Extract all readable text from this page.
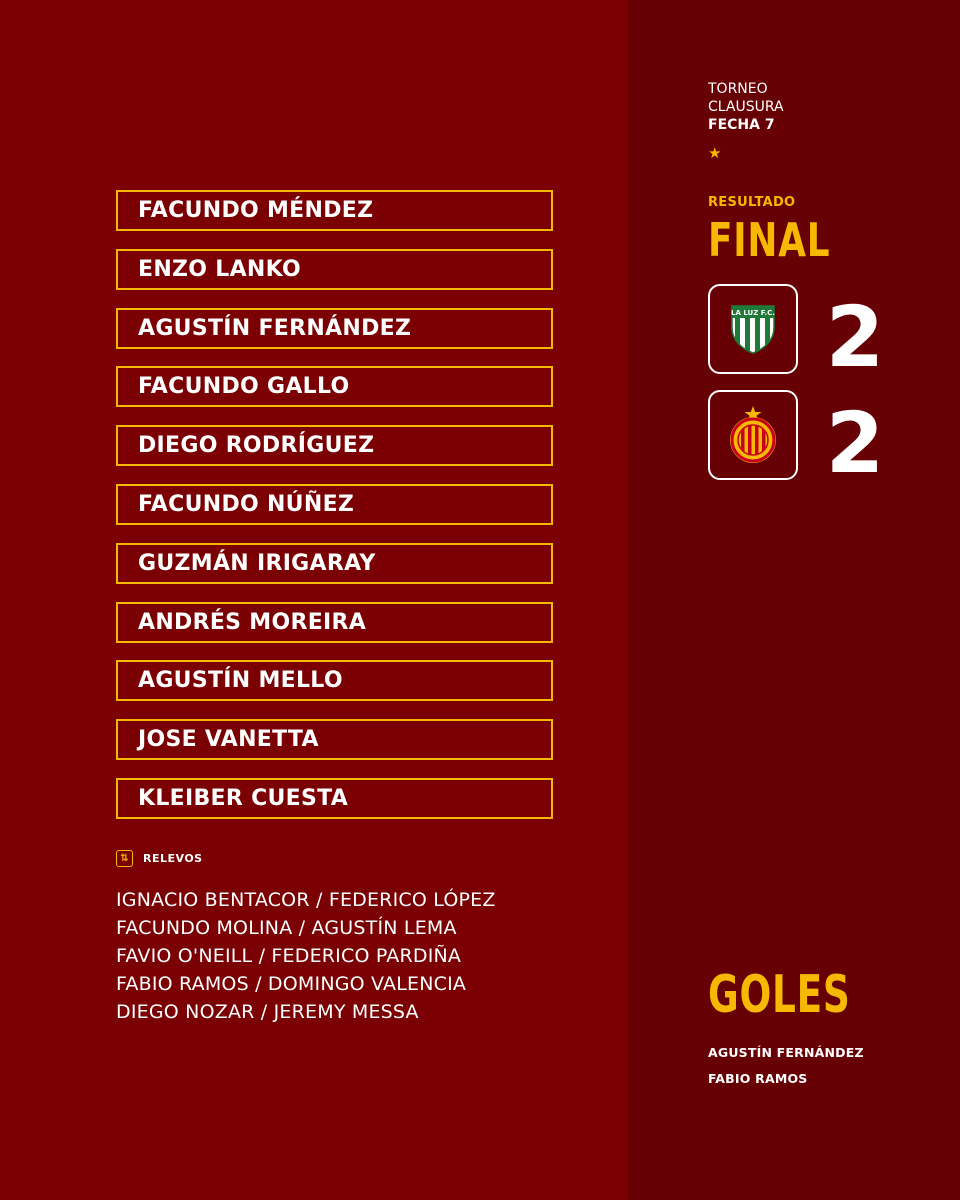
FACUNDO MÉNDEZ
ENZO LANKO
AGUSTÍN FERNÁNDEZ
FACUNDO GALLO
DIEGO RODRÍGUEZ
FACUNDO NÚÑEZ
GUZMÁN IRIGARAY
ANDRÉS MOREIRA
AGUSTÍN MELLO
JOSE VANETTA
KLEIBER CUESTA
⇅	RELEVOS
IGNACIO BENTACOR / FEDERICO LÓPEZ
FACUNDO MOLINA / AGUSTÍN LEMA
FAVIO O'NEILL / FEDERICO PARDIÑA
FABIO RAMOS / DOMINGO VALENCIA
DIEGO NOZAR / JEREMY MESSA
TORNEO
CLAUSURA
FECHA 7
★
RESULTADO
FINAL
LA LUZ F.C. 2
2
GOLES
AGUSTÍN FERNÁNDEZ
FABIO RAMOS
